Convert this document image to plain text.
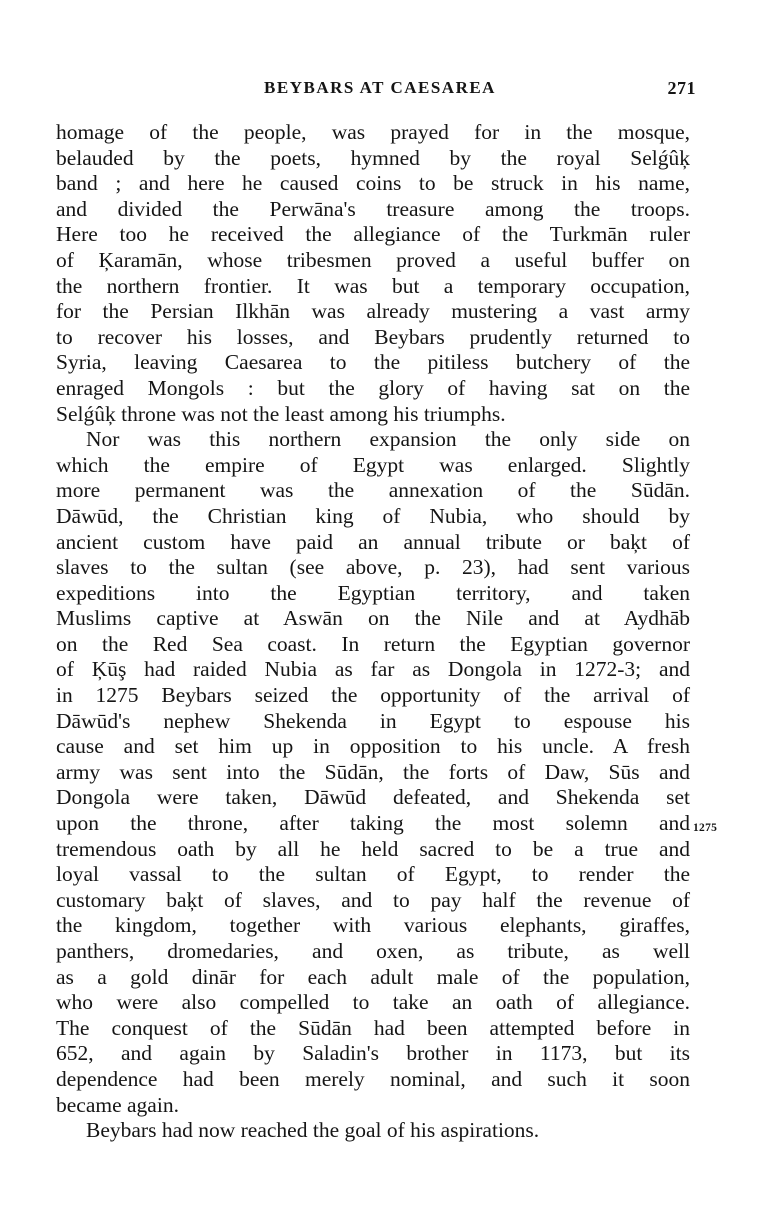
BEYBARS AT CAESAREA	271
homage of the people, was prayed for in the mosque,
belauded by the poets, hymned by the royal Selǵûķ
band ; and here he caused coins to be struck in his name,
and divided the Perwāna's treasure among the troops.
Here too he received the allegiance of the Turkmān ruler
of Ķaramān, whose tribesmen proved a useful buffer on
the northern frontier. It was but a temporary occupation,
for the Persian Ilkhān was already mustering a vast army
to recover his losses, and Beybars prudently returned to
Syria, leaving Caesarea to the pitiless butchery of the
enraged Mongols : but the glory of having sat on the
Selǵûķ throne was not the least among his triumphs.
Nor was this northern expansion the only side on
which the empire of Egypt was enlarged. Slightly
more permanent was the annexation of the Sūdān.
Dāwūd, the Christian king of Nubia, who should by
ancient custom have paid an annual tribute or baķt of
slaves to the sultan (see above, p. 23), had sent various
expeditions into the Egyptian territory, and taken
Muslims captive at Aswān on the Nile and at Aydhāb
on the Red Sea coast. In return the Egyptian governor
of Ķūş had raided Nubia as far as Dongola in 1272-3; and
in 1275 Beybars seized the opportunity of the arrival of
Dāwūd's nephew Shekenda in Egypt to espouse his
cause and set him up in opposition to his uncle. A fresh
army was sent into the Sūdān, the forts of Daw, Sūs and
Dongola were taken, Dāwūd defeated, and Shekenda set
upon the throne, after taking the most solemn and
tremendous oath by all he held sacred to be a true and
loyal vassal to the sultan of Egypt, to render the
customary baķt of slaves, and to pay half the revenue of
the kingdom, together with various elephants, giraffes,
panthers, dromedaries, and oxen, as tribute, as well
as a gold dinār for each adult male of the population,
who were also compelled to take an oath of allegiance.
The conquest of the Sūdān had been attempted before in
652, and again by Saladin's brother in 1173, but its
dependence had been merely nominal, and such it soon
became again.
Beybars had now reached the goal of his aspirations.
1275
